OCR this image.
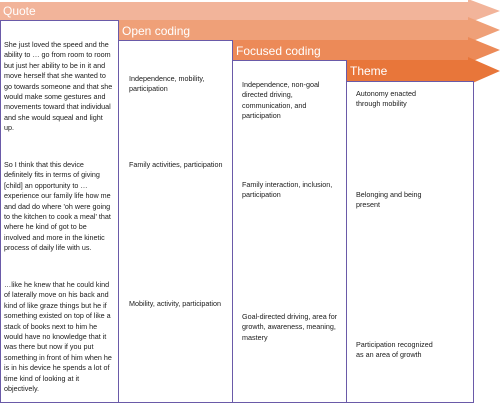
Quote
Open coding
Focused coding
Theme
She just loved the speed and the ability to … go from room to room but just her ability to be in it and move herself that she wanted to go towards someone and that she would make some gestures and movements toward that individual and she would squeal and light up.
Independence, mobility, participation	Independence, non-goal directed driving, communication, and participation
Autonomy enacted through mobility
So I think that this device definitely fits in terms of giving [child] an opportunity to … experience our family life how me and dad do where 'oh were going to the kitchen to cook a meal' that where he kind of got to be involved and more in the kinetic process of daily life with us.
Family activities, participation
Family interaction, inclusion, participation	Belonging and being present
…like he knew that he could kind of laterally move on his back and kind of like graze things but he if something existed on top of like a stack of books next to him he would have no knowledge that it was there but now if you put something in front of him when he is in his device he spends a lot of time kind of looking at it objectively.
Mobility, activity, participation
Goal-directed driving, area for growth, awareness, meaning, mastery
Participation recognized as an area of growth
